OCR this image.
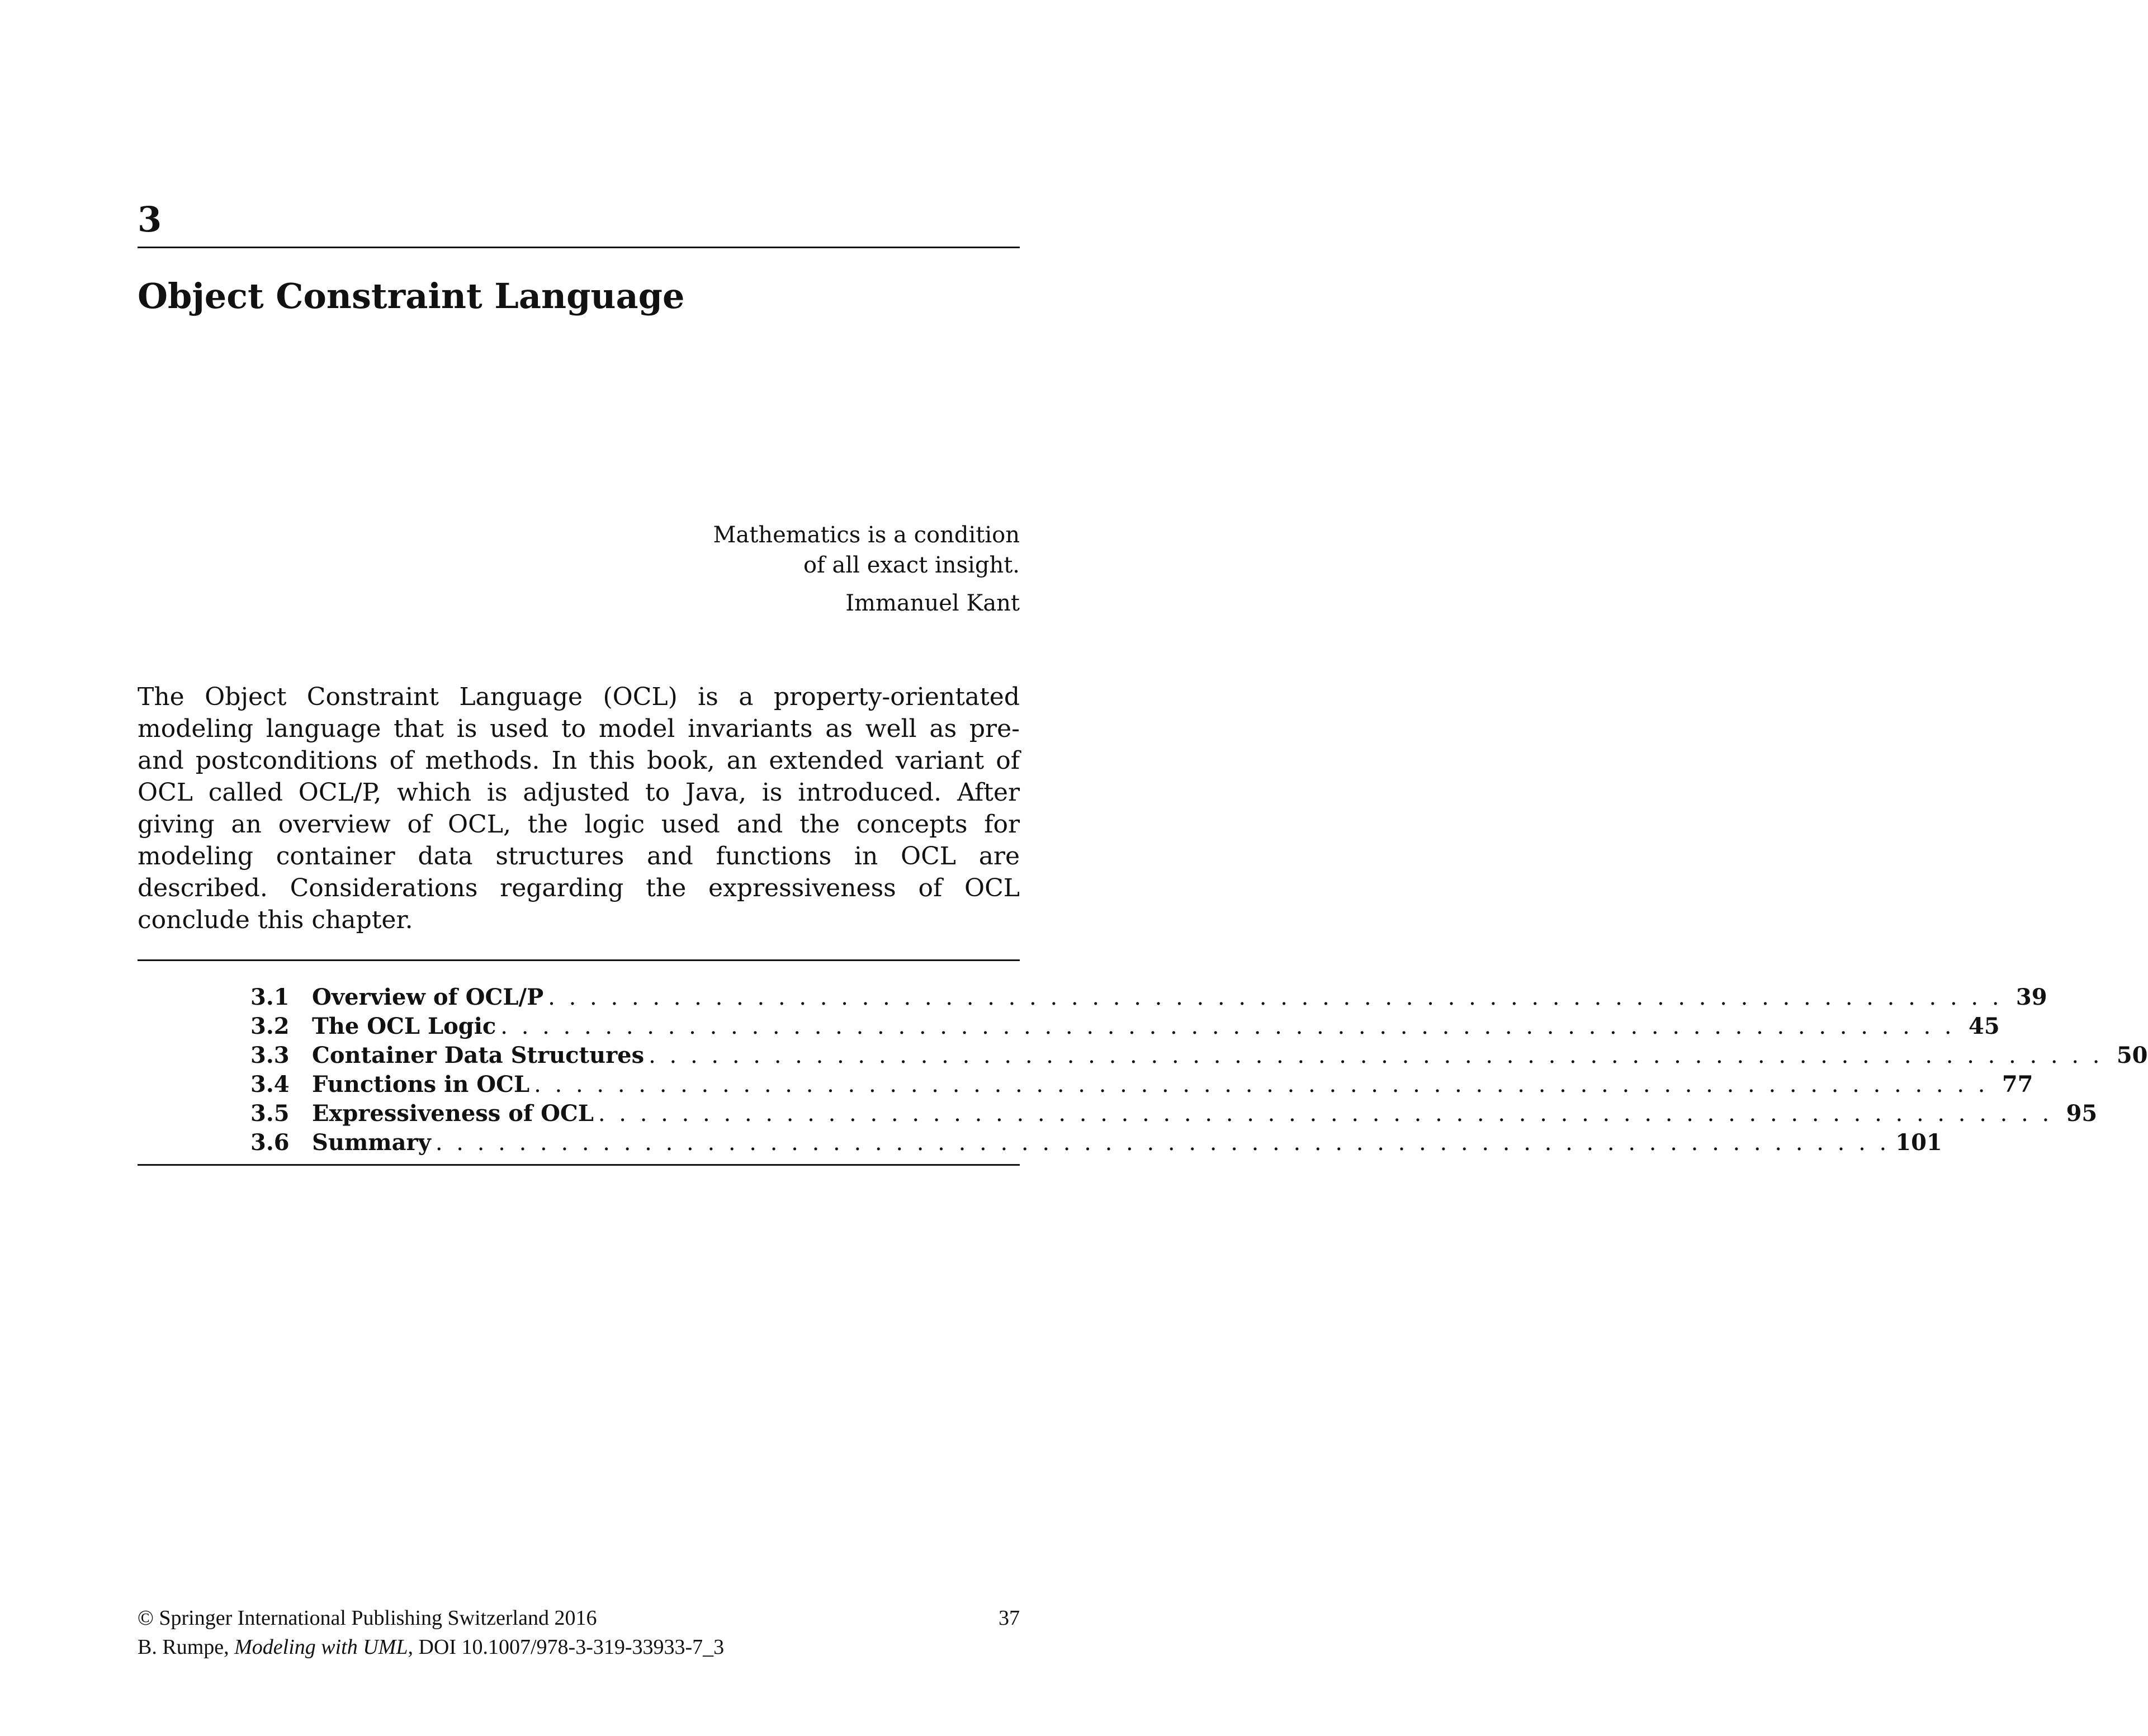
3
Object Constraint Language
Mathematics is a condition
of all exact insight.
Immanuel Kant
The Object Constraint Language (OCL) is a property-orientated modeling language that is used to model invariants as well as pre- and postconditions of methods. In this book, an extended variant of OCL called OCL/P, which is adjusted to Java, is introduced. After giving an overview of OCL, the logic used and the concepts for modeling container data structures and functions in OCL are described. Considerations regarding the expressiveness of OCL conclude this chapter.
3.1	Overview of OCL/P . . . . . . . . . . . . . . . . . . . . . . . . . . . . . . . . . . . . . . . . . . . . . . . . . . . . . . . . . . . . . . . . . . . . . . 39
3.2	The OCL Logic . . . . . . . . . . . . . . . . . . . . . . . . . . . . . . . . . . . . . . . . . . . . . . . . . . . . . . . . . . . . . . . . . . . . . . 45
3.3	Container Data Structures . . . . . . . . . . . . . . . . . . . . . . . . . . . . . . . . . . . . . . . . . . . . . . . . . . . . . . . . . . . . . . . . . . . . . . 50
3.4	Functions in OCL . . . . . . . . . . . . . . . . . . . . . . . . . . . . . . . . . . . . . . . . . . . . . . . . . . . . . . . . . . . . . . . . . . . . . . 77
3.5	Expressiveness of OCL . . . . . . . . . . . . . . . . . . . . . . . . . . . . . . . . . . . . . . . . . . . . . . . . . . . . . . . . . . . . . . . . . . . . . . 95
3.6	Summary . . . . . . . . . . . . . . . . . . . . . . . . . . . . . . . . . . . . . . . . . . . . . . . . . . . . . . . . . . . . . . . . . . . . . . 101
© Springer International Publishing Switzerland 2016	37
B. Rumpe, Modeling with UML, DOI 10.1007/978-3-319-33933-7_3
